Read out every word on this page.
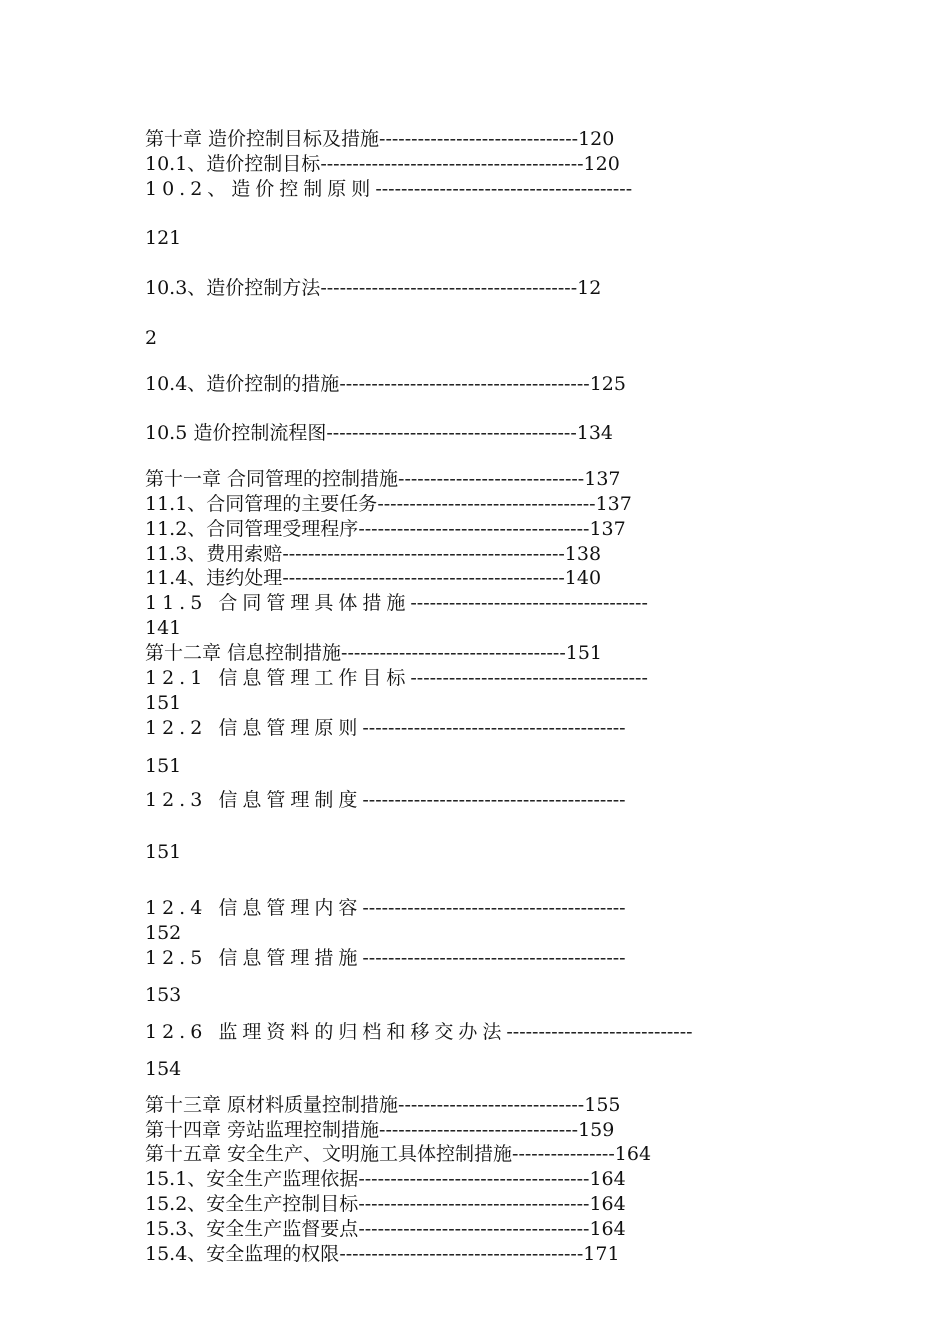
第十章 造价控制目标及措施-------------------------------120
10.1、造价控制目标-----------------------------------------120
10.2、造价控制原则----------------------------------------
121
10.3、造价控制方法----------------------------------------12
2
10.4、造价控制的措施---------------------------------------125
10.5 造价控制流程图---------------------------------------134
第十一章 合同管理的控制措施-----------------------------137
11.1、合同管理的主要任务----------------------------------137
11.2、合同管理受理程序------------------------------------137
11.3、费用索赔--------------------------------------------138
11.4、违约处理--------------------------------------------140
11.5 合同管理具体措施-------------------------------------
141
第十二章 信息控制措施-----------------------------------151
12.1 信息管理工作目标-------------------------------------
151
12.2 信息管理原则-----------------------------------------
151
12.3 信息管理制度-----------------------------------------
151
12.4 信息管理内容-----------------------------------------
152
12.5 信息管理措施-----------------------------------------
153
12.6 监理资料的归档和移交办法-----------------------------
154
第十三章 原材料质量控制措施-----------------------------155
第十四章 旁站监理控制措施-------------------------------159
第十五章 安全生产、文明施工具体控制措施----------------164
15.1、安全生产监理依据------------------------------------164
15.2、安全生产控制目标------------------------------------164
15.3、安全生产监督要点------------------------------------164
15.4、安全监理的权限--------------------------------------171
